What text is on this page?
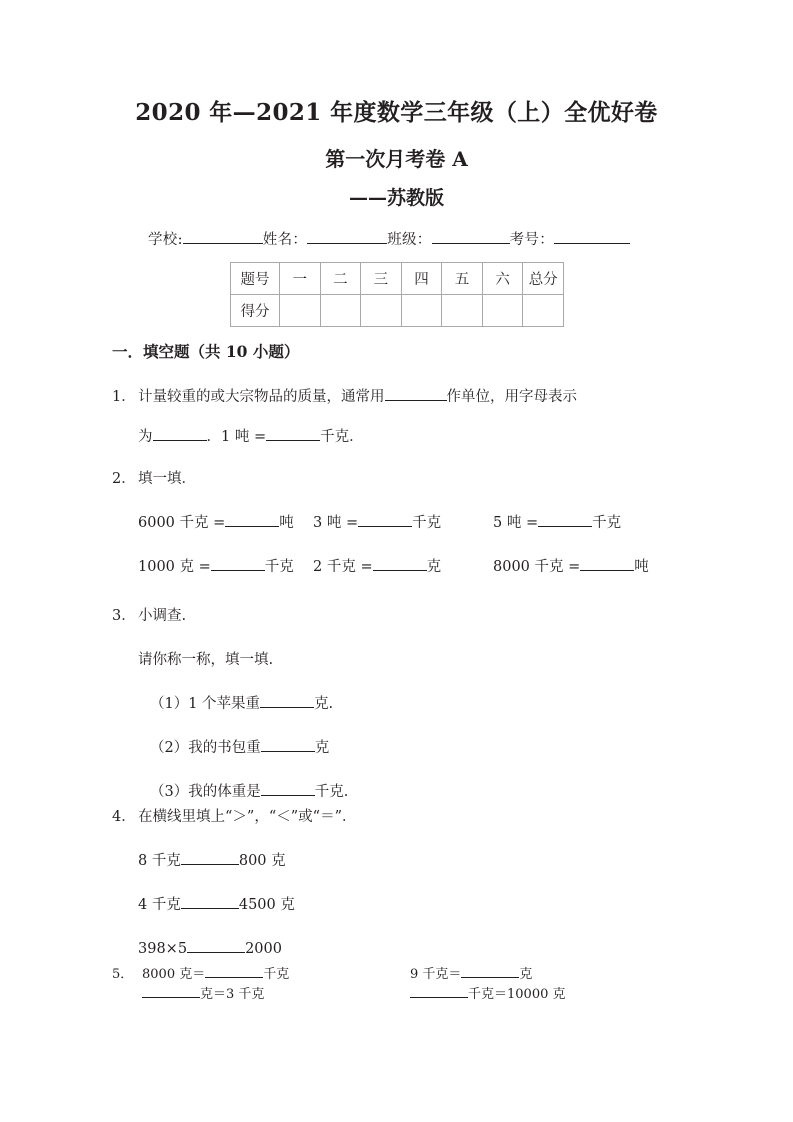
2020 年—2021 年度数学三年级（上）全优好卷
第一次月考卷 A
——苏教版
学校:	姓名：	班级：	考号：
题号	一	二	三	四	五	六	总分
得分							
一．填空题（共 10 小题）
1． 计量较重的或大宗物品的质量，通常用	作单位，用字母表示
为	．1 吨 =	千克．
2． 填一填．
6000 千克 =	吨 3 吨 =	千克	5 吨 =	千克
1000 克 =	千克 2 千克 =	克	8000 千克 =	吨
3． 小调查.
请你称一称，填一填.
（1）1 个苹果重	克.
（2）我的书包重	克
（3）我的体重是	千克.
4． 在横线里填上“＞”，“＜”或“＝”．
8 千克	800 克
4 千克	4500 克
398×5	2000
5． 8000 克＝	千克	9 千克＝	克
克＝3 千克	千克＝10000 克
